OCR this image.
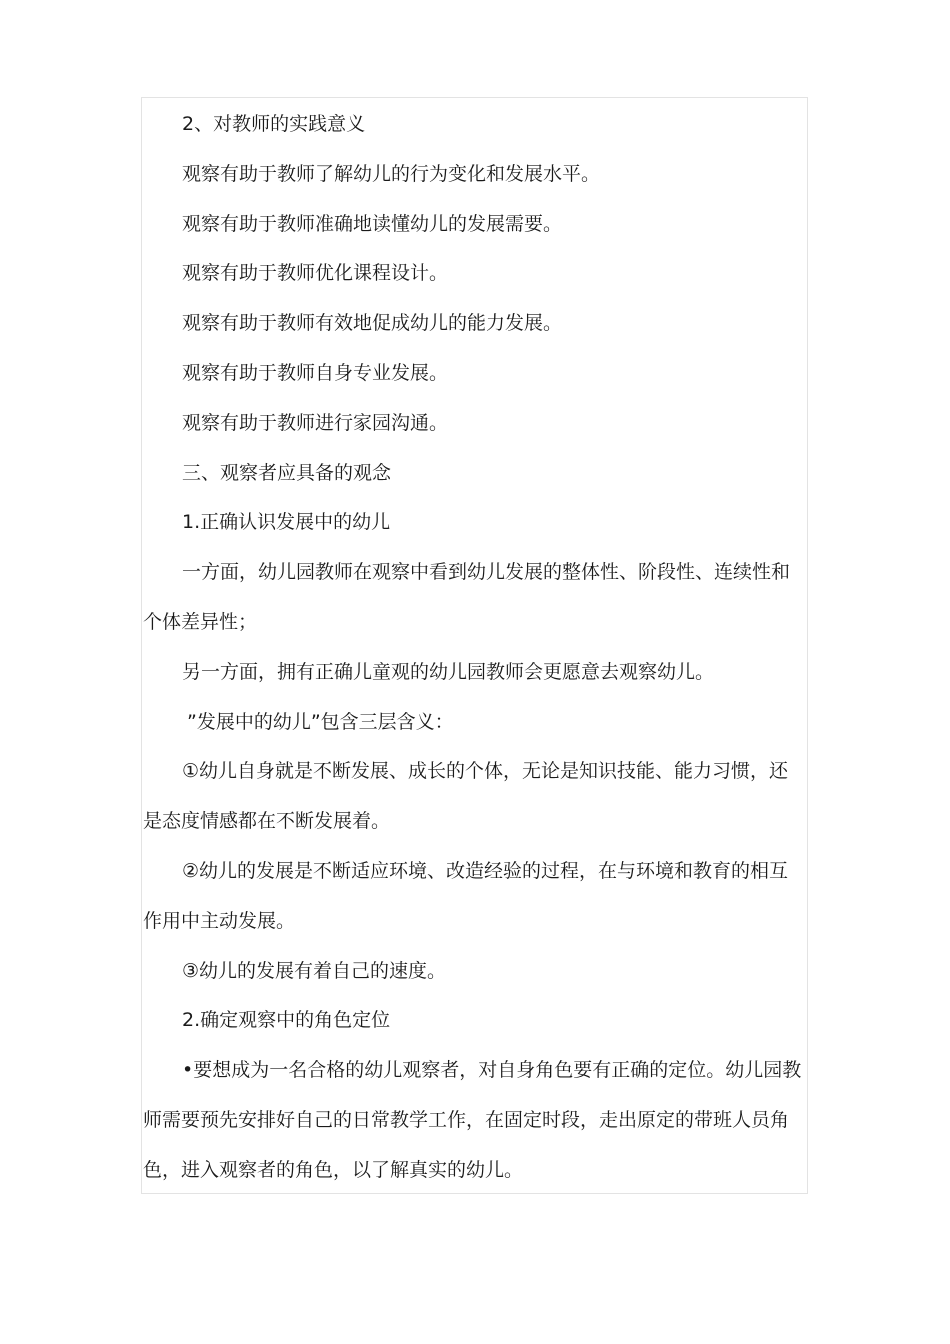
2、对教师的实践意义

观察有助于教师了解幼儿的行为变化和发展水平。

观察有助于教师准确地读懂幼儿的发展需要。

观察有助于教师优化课程设计。

观察有助于教师有效地促成幼儿的能力发展。

观察有助于教师自身专业发展。

观察有助于教师进行家园沟通。

三、观察者应具备的观念

1.正确认识发展中的幼儿

一方面，幼儿园教师在观察中看到幼儿发展的整体性、阶段性、连续性和个体差异性；

另一方面，拥有正确儿童观的幼儿园教师会更愿意去观察幼儿。

”发展中的幼儿”包含三层含义：

①幼儿自身就是不断发展、成长的个体，无论是知识技能、能力习惯，还是态度情感都在不断发展着。

②幼儿的发展是不断适应环境、改造经验的过程，在与环境和教育的相互作用中主动发展。

③幼儿的发展有着自己的速度。

2.确定观察中的角色定位

•要想成为一名合格的幼儿观察者，对自身角色要有正确的定位。幼儿园教师需要预先安排好自己的日常教学工作，在固定时段，走出原定的带班人员角色，进入观察者的角色，以了解真实的幼儿。
